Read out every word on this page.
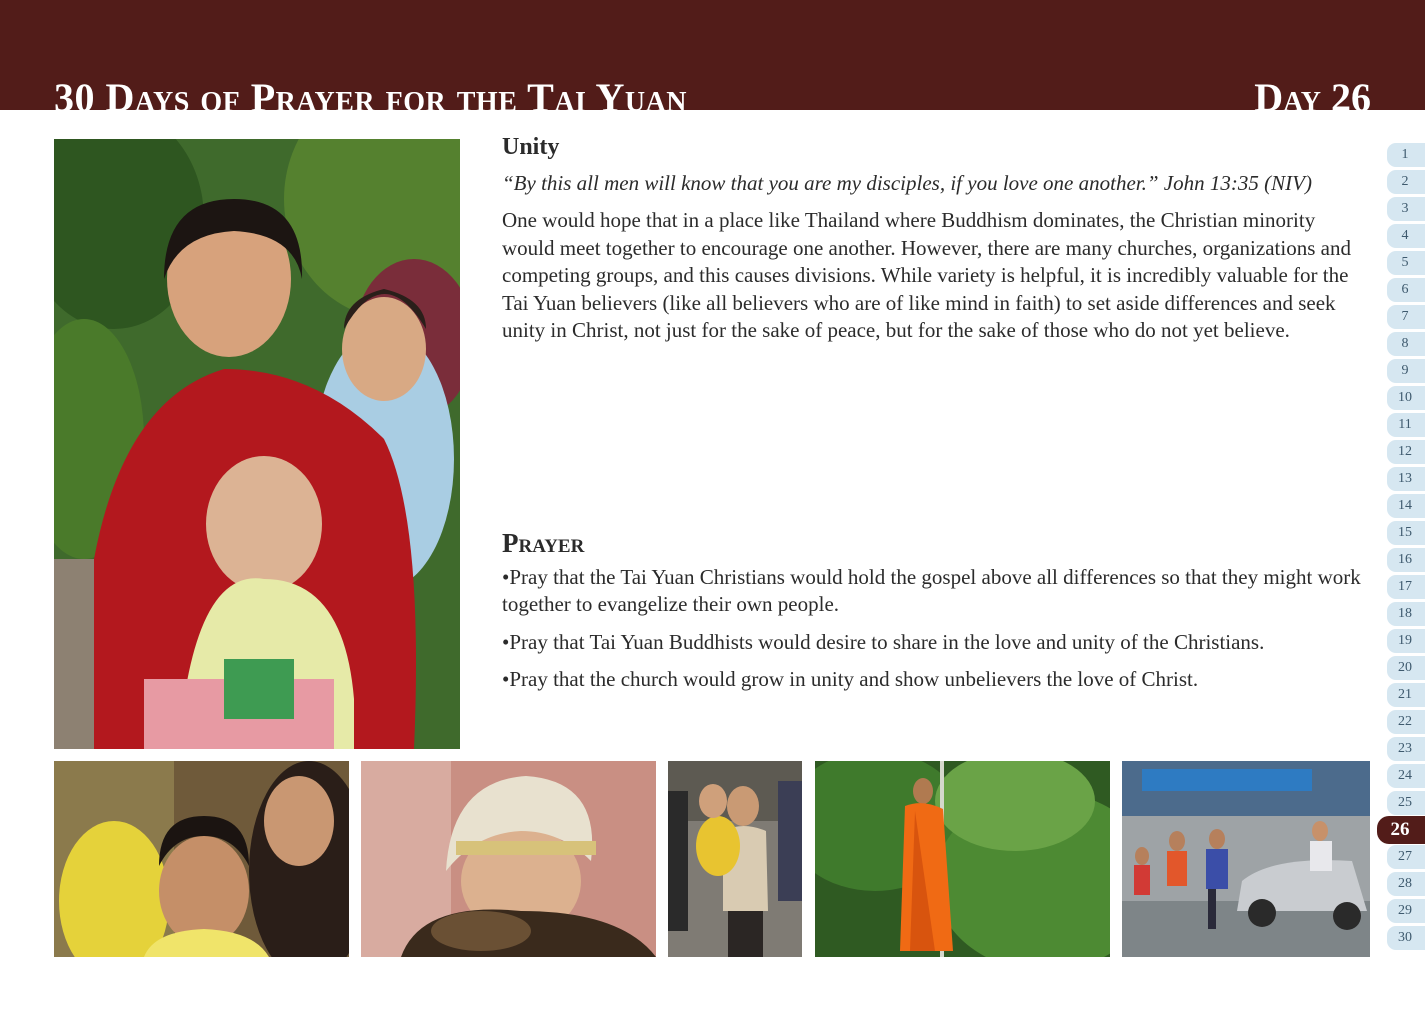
30 Days of Prayer for the Tai Yuan	Day 26

Unity

“By this all men will know that you are my disciples, if you love one another.” John 13:35 (NIV)

One would hope that in a place like Thailand where Buddhism dominates, the Christian minority would meet together to encourage one another. However, there are many churches, organizations and competing groups, and this causes divisions. While variety is helpful, it is incredibly valuable for the Tai Yuan believers (like all believers who are of like mind in faith) to set aside differences and seek unity in Christ, not just for the sake of peace, but for the sake of those who do not yet believe.

Prayer

•Pray that the Tai Yuan Christians would hold the gospel above all differences so that they might work together to evangelize their own people.

•Pray that Tai Yuan Buddhists would desire to share in the love and unity of the Christians.

•Pray that the church would grow in unity and show unbelievers the love of Christ.

1
2
3
4
5
6
7
8
9
10
11
12
13
14
15
16
17
18
19
20
21
22
23
24
25
26
27
28
29
30
